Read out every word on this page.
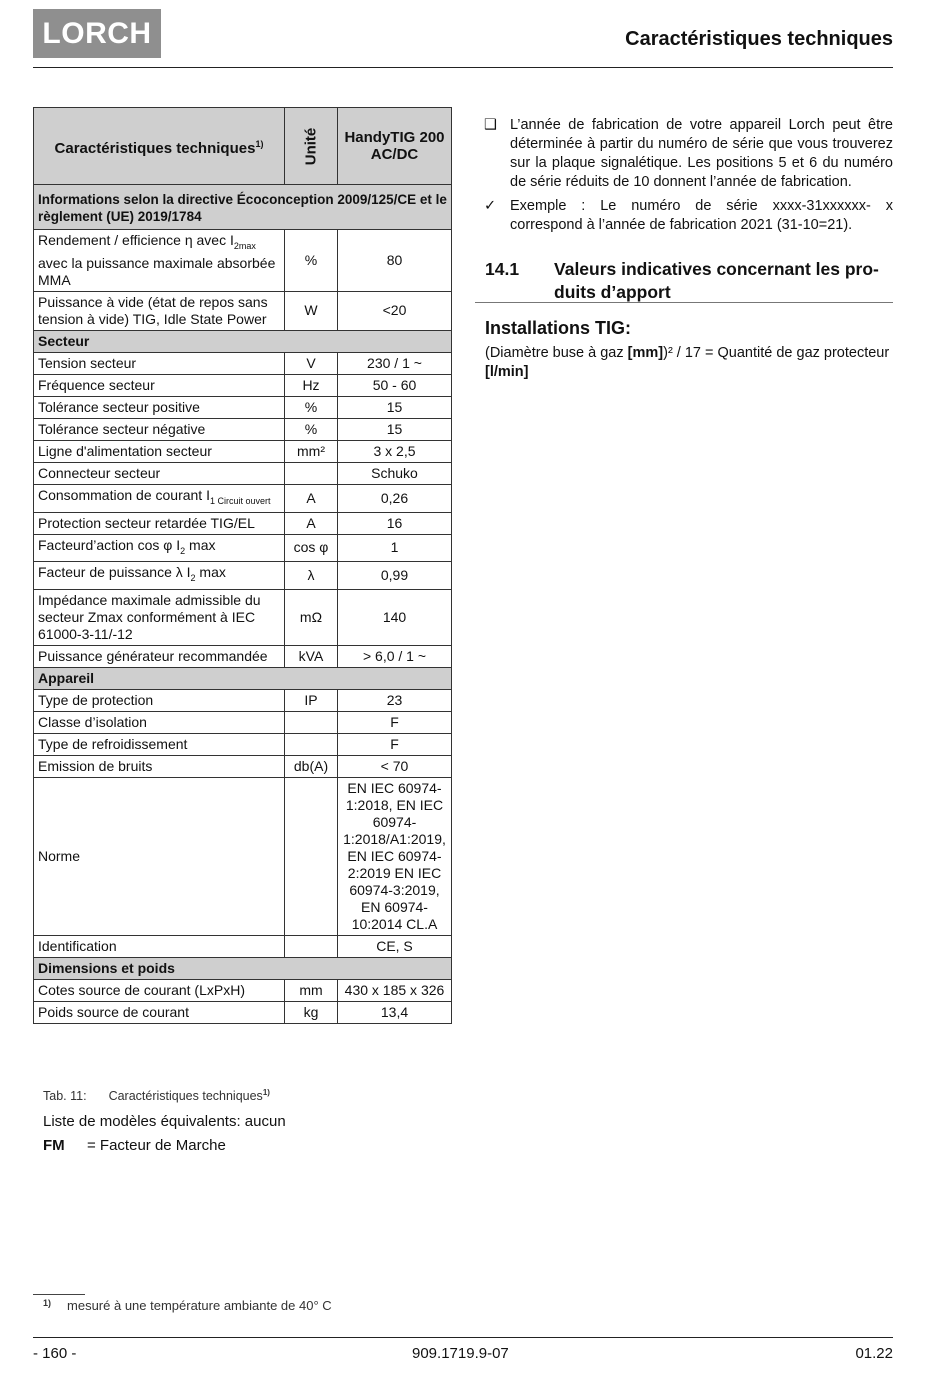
LORCH	Caractéristiques techniques
Caractéristiques techniques$^{1)}$	Unité	HandyTIG 200 AC/DC
Informations selon la directive Écoconception 2009/125/CE et le règlement (UE) 2019/1784		
Rendement / efficience η avec $I_{2max}$ avec la puissance maximale absorbée MMA	%	80
Puissance à vide (état de repos sans tension à vide) TIG, Idle State Power	W	<20
Secteur		
Tension secteur	V	230 / 1 ~
Fréquence secteur	Hz	50 - 60
Tolérance secteur positive	%	15
Tolérance secteur négative	%	15
Ligne d'alimentation secteur	mm²	3 x 2,5
Connecteur secteur		Schuko
Consommation de courant $I_{1 Circuit ouvert}$	A	0,26
Protection secteur retardée TIG/EL	A	16
Facteurd’action cos φ $I_2$ max	cos φ	1
Facteur de puissance λ $I_2$ max	λ	0,99
Impédance maximale admissible du secteur Zmax conformément à IEC 61000-3-11/-12	mΩ	140
Puissance générateur recommandée	kVA	> 6,0 / 1 ~
Appareil		
Type de protection	IP	23
Classe d’isolation		F
Type de refroidissement		F
Emission de bruits	db(A)	< 70
Norme		EN IEC 60974-1:2018, EN IEC 60974-1:2018/A1:2019, EN IEC 60974-2:2019 EN IEC 60974-3:2019, EN 60974-10:2014 CL.A
Identification		CE, S
Dimensions et poids		
Cotes source de courant (LxPxH)	mm	430 x 185 x 326
Poids source de courant	kg	13,4
Tab. 11: Caractéristiques techniques$^{1)}$
Liste de modèles équivalents: aucun
FM = Facteur de Marche
❑ L’année de fabrication de votre appareil Lorch peut être déterminée à partir du numéro de série que vous trouverez sur la plaque signalétique. Les positions 5 et 6 du numéro de série réduits de 10 donnent l’année de fabrication.
✓ Exemple : Le numéro de série xxxx-31xxxxxx- x correspond à l’année de fabrication 2021 (31-10=21).
14.1 Valeurs indicatives concernant les pro-duits d’apport
Installations TIG:
(Diamètre buse à gaz [mm])² / 17 = Quantité de gaz protecteur [l/min]
$^{1)}$ mesuré à une température ambiante de 40° C
- 160 -	909.1719.9-07	01.22
